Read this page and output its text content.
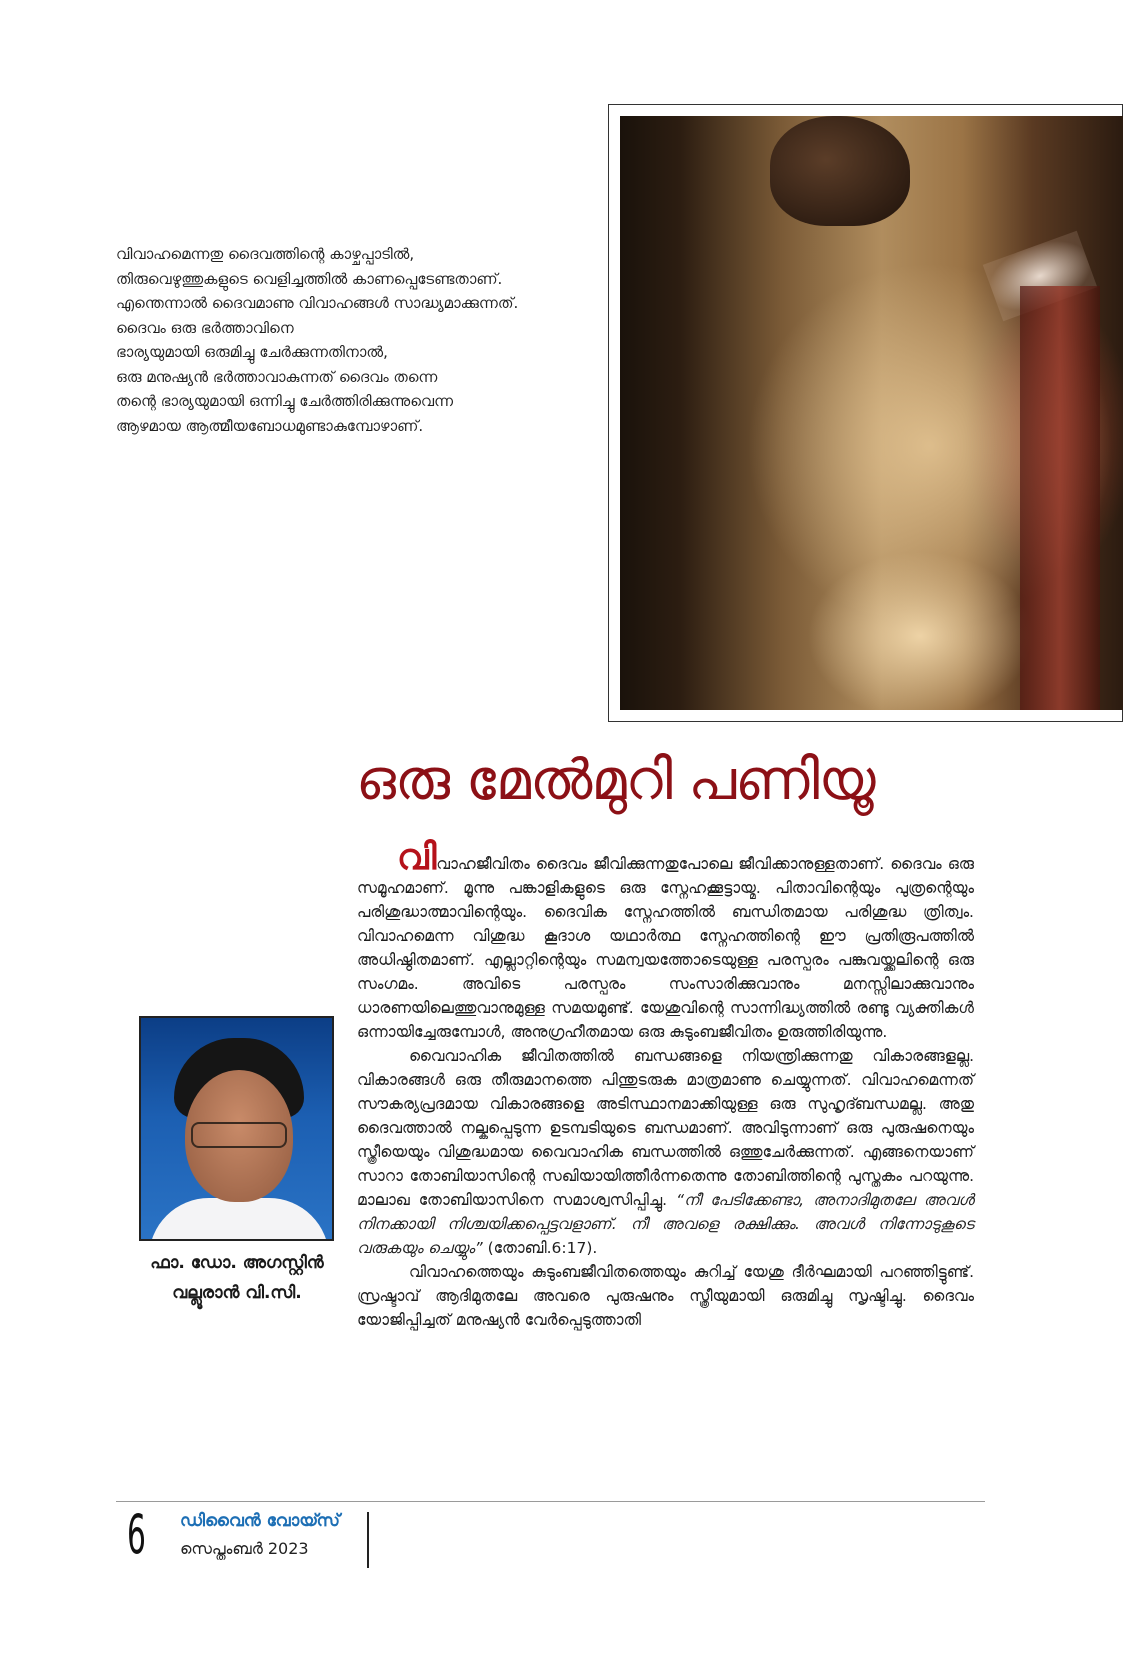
വിവാഹമെന്നതു ദൈവത്തിന്റെ കാഴ്ചപ്പാടിൽ,
തിരുവെഴുത്തുകളുടെ വെളിച്ചത്തിൽ കാണപ്പെടേണ്ടതാണ്.
എന്തെന്നാൽ ദൈവമാണു വിവാഹങ്ങൾ സാദ്ധ്യമാക്കുന്നത്.
ദൈവം ഒരു ഭർത്താവിനെ
ഭാര്യയുമായി ഒരുമിച്ചു ചേർക്കുന്നതിനാൽ,
ഒരു മനുഷ്യൻ ഭർത്താവാകുന്നത് ദൈവം തന്നെ
തന്റെ ഭാര്യയുമായി ഒന്നിച്ചു ചേർത്തിരിക്കുന്നുവെന്ന
ആഴമായ ആത്മീയബോധമുണ്ടാകുമ്പോഴാണ്.
ഒരു മേൽമുറി പണിയൂ

വിവാഹജീവിതം ദൈവം ജീവിക്കുന്നതുപോലെ ജീവിക്കാനുള്ളതാണ്. ദൈവം ഒരു സമൂഹമാണ്. മൂന്നു പങ്കാളികളുടെ ഒരു സ്നേഹക്കൂട്ടായ്മ. പിതാവിന്റെയും പുത്രന്റെയും പരിശുദ്ധാത്മാവിന്റെയും. ദൈവിക സ്നേഹത്തിൽ ബന്ധിതമായ പരിശുദ്ധ ത്രിത്വം. വിവാഹമെന്ന വിശുദ്ധ കൂദാശ യഥാർത്ഥ സ്നേഹത്തിന്റെ ഈ പ്രതിരൂപത്തിൽ അധിഷ്ഠിതമാണ്. എല്ലാറ്റിന്റെയും സമന്വയത്തോടെയുള്ള പരസ്പരം പങ്കുവയ്ക്കലിന്റെ ഒരു സംഗമം. അവിടെ പരസ്പരം സംസാരിക്കുവാനും മനസ്സിലാക്കുവാനും ധാരണയിലെത്തുവാനുമുള്ള സമയമുണ്ട്. യേശുവിന്റെ സാന്നിദ്ധ്യത്തിൽ രണ്ടു വ്യക്തികൾ ഒന്നായിച്ചേരുമ്പോൾ, അനുഗ്രഹീതമായ ഒരു കുടുംബജീവിതം ഉരുത്തിരിയുന്നു.

വൈവാഹിക ജീവിതത്തിൽ ബന്ധങ്ങളെ നിയന്ത്രിക്കുന്നതു വികാരങ്ങളല്ല. വികാരങ്ങൾ ഒരു തീരുമാനത്തെ പിന്തുടരുക മാത്രമാണു ചെയ്യുന്നത്. വിവാഹമെന്നത് സൗകര്യപ്രദമായ വികാരങ്ങളെ അടിസ്ഥാനമാക്കിയുള്ള ഒരു സുഹൃദ്ബന്ധമല്ല. അതു ദൈവത്താൽ നല്കപ്പെടുന്ന ഉടമ്പടിയുടെ ബന്ധമാണ്. അവിടുന്നാണ് ഒരു പുരുഷനെയും സ്ത്രീയെയും വിശുദ്ധമായ വൈവാഹിക ബന്ധത്തിൽ ഒത്തുചേർക്കുന്നത്. എങ്ങനെയാണ് സാറാ തോബിയാസിന്റെ സഖിയായിത്തീർന്നതെന്നു തോബിത്തിന്റെ പുസ്തകം പറയുന്നു. മാലാഖ തോബിയാസിനെ സമാശ്വസിപ്പിച്ചു. “നീ പേടിക്കേണ്ടാ, അനാദിമുതലേ അവൾ നിനക്കായി നിശ്ചയിക്കപ്പെട്ടവളാണ്. നീ അവളെ രക്ഷിക്കും. അവൾ നിന്നോടുകൂടെ വരുകയും ചെയ്യും” (തോബി.6:17).

വിവാഹത്തെയും കുടുംബജീവിതത്തെയും കുറിച്ച് യേശു ദീർഘമായി പറഞ്ഞിട്ടുണ്ട്. സ്രഷ്ടാവ് ആദിമുതലേ അവരെ പുരുഷനും സ്ത്രീയുമായി ഒരുമിച്ചു സൃഷ്ടിച്ചു. ദൈവം യോജിപ്പിച്ചത് മനുഷ്യൻ വേർപ്പെടുത്താതി

ഫാ. ഡോ. അഗസ്റ്റിൻ
വല്ലൂരാൻ വി.സി.
6 ഡിവൈൻ വോയ്സ്
സെപ്തംബർ 2023
